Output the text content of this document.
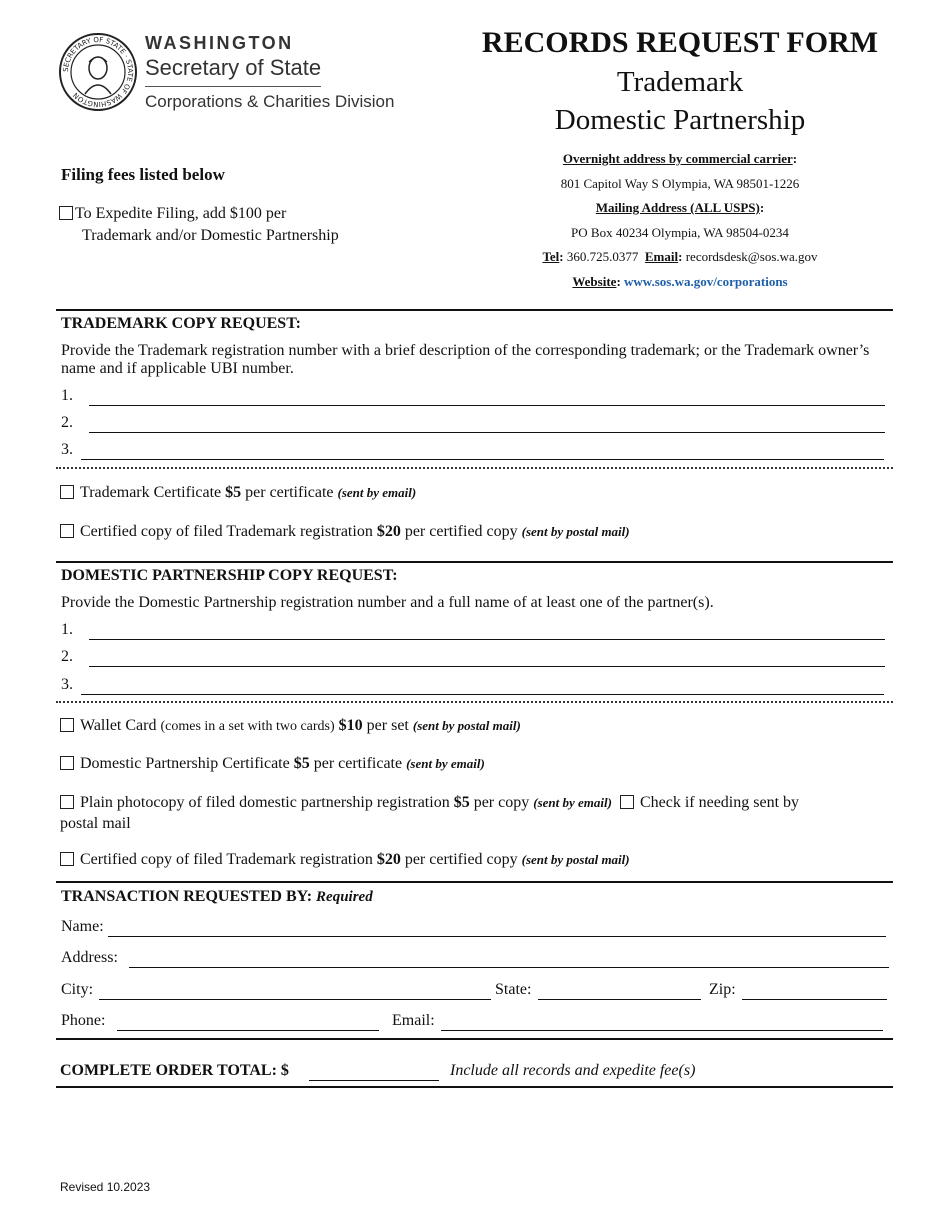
SECRETARY OF STATE · STATE OF WASHINGTON
WASHINGTON
Secretary of State
Corporations & Charities Division
RECORDS REQUEST FORM
Trademark
Domestic Partnership
Filing fees listed below
To Expedite Filing, add $100 per
Trademark and/or Domestic Partnership
Overnight address by commercial carrier:
801 Capitol Way S Olympia, WA 98501-1226
Mailing Address (ALL USPS):
PO Box 40234 Olympia, WA 98504-0234
Tel: 360.725.0377 Email: recordsdesk@sos.wa.gov
Website: www.sos.wa.gov/corporations
TRADEMARK COPY REQUEST:
Provide the Trademark registration number with a brief description of the corresponding trademark; or the Trademark owner’s name and if applicable UBI number.
1.
2.
3.
Trademark Certificate $5 per certificate (sent by email)
Certified copy of filed Trademark registration $20 per certified copy (sent by postal mail)
DOMESTIC PARTNERSHIP COPY REQUEST:
Provide the Domestic Partnership registration number and a full name of at least one of the partner(s).
1.
2.
3.
Wallet Card (comes in a set with two cards) $10 per set (sent by postal mail)
Domestic Partnership Certificate $5 per certificate (sent by email)
Plain photocopy of filed domestic partnership registration $5 per copy (sent by email) Check if needing sent by
postal mail
Certified copy of filed Trademark registration $20 per certified copy (sent by postal mail)
TRANSACTION REQUESTED BY: Required
Name:
Address:
City:	State:	Zip:
Phone:	Email:
COMPLETE ORDER TOTAL: $	Include all records and expedite fee(s)
Revised 10.2023
